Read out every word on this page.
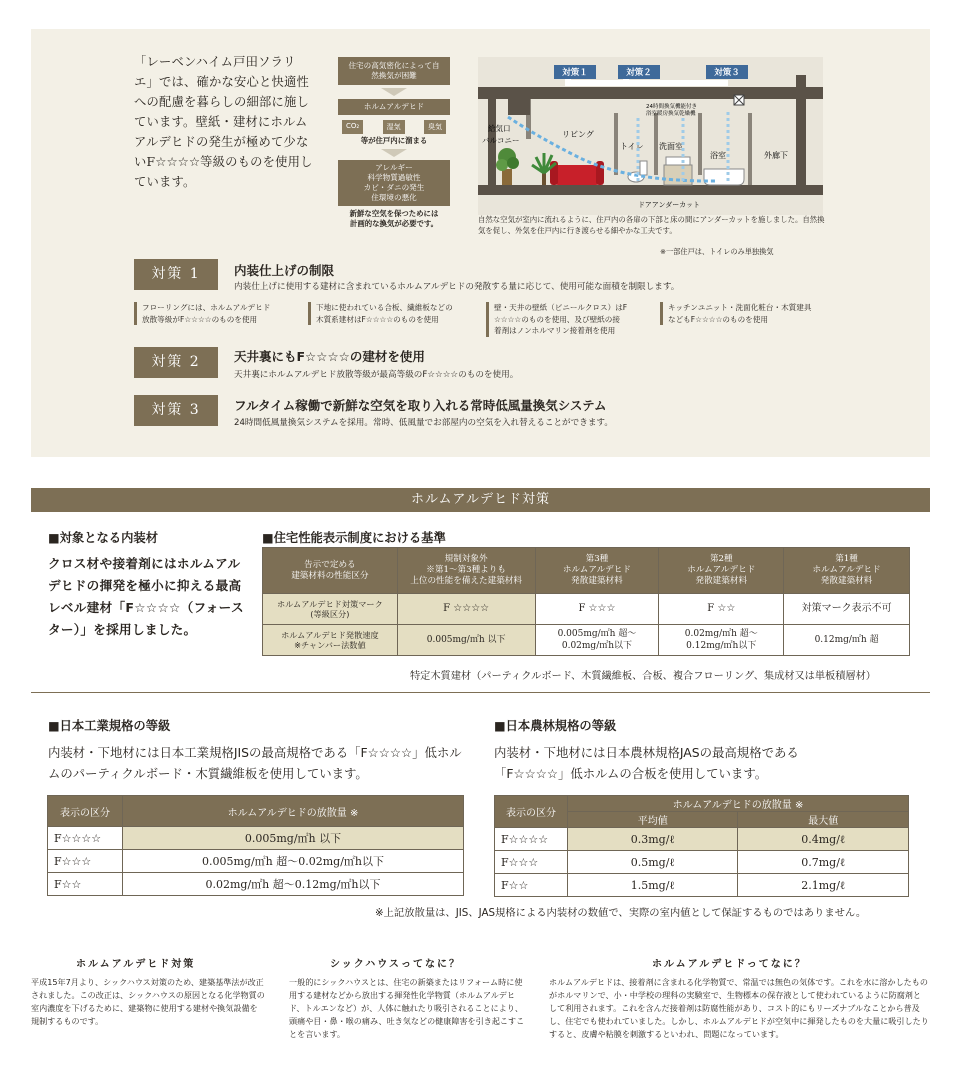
「レーベンハイム戸田ソラリエ」では、確かな安心と快適性への配慮を暮らしの細部に施しています。壁紙・建材にホルムアルデヒドの発生が極めて少ないF☆☆☆☆等級のものを使用しています。

住宅の高気密化によって自然換気が困難
ホルムアルデヒド
CO₂	湿気	臭気
等が住戸内に溜まる
アレルギー
科学物質過敏性
カビ・ダニの発生
住環境の悪化
新鮮な空気を保つためには
計画的な換気が必要です。
対策１	対策２	対策３
24時間換気機能付き
浴室暖房換気乾燥機
給気口
バルコニー
リビング
トイレ 洗面室
浴室	外廊下
ドアアンダーカット

自然な空気が室内に流れるように、住戸内の各扉の下部と床の間にアンダーカットを施しました。自然換気を促し、外気を住戸内に行き渡らせる細やかな工夫です。

※一部住戸は、トイレのみ単独換気

対策 1	内装仕上げの制限
内装仕上げに使用する建材に含まれているホルムアルデヒドの発散する量に応じて、使用可能な面積を制限します。
フローリングには、ホルムアルデヒド
放散等級がF☆☆☆☆のものを使用
下地に使われている合板、繊維板などの
木質系建材はF☆☆☆☆のものを使用
壁・天井の壁紙（ビニールクロス）はF
☆☆☆☆のものを使用、及び壁紙の接
着剤はノンホルマリン接着剤を使用
キッチンユニット・洗面化粧台・木質建具
などもF☆☆☆☆のものを使用
対策 2	天井裏にもF☆☆☆☆の建材を使用
天井裏にホルムアルデヒド放散等級が最高等級のF☆☆☆☆のものを使用。
対策 3	フルタイム稼働で新鮮な空気を取り入れる常時低風量換気システム
24時間低風量換気システムを採用。常時、低風量でお部屋内の空気を入れ替えることができます。
ホルムアルデヒド対策
■対象となる内装材

クロス材や接着剤にはホルムアルデヒドの揮発を極小に抑える最高レベル建材「F☆☆☆☆（フォースター）」を採用しました。

■住宅性能表示制度における基準
告示で定める
建築材料の性能区分	規制対象外
※第1～第3種よりも
上位の性能を備えた建築材料	第3種
ホルムアルデヒド
発散建築材料	第2種
ホルムアルデヒド
発散建築材料	第1種
ホルムアルデヒド
発散建築材料
ホルムアルデヒド対策マーク
(等級区分)	F ☆☆☆☆	F ☆☆☆	F ☆☆	対策マーク表示不可
ホルムアルデヒド発散速度
※チャンバー法数値	0.005mg/㎡h 以下	0.005mg/㎡h 超～
0.02mg/㎡h以下	0.02mg/㎡h 超～
0.12mg/㎡h以下	0.12mg/㎡h 超

特定木質建材（パーティクルボード、木質繊維板、合板、複合フローリング、集成材又は単板積層材）

■日本工業規格の等級

内装材・下地材には日本工業規格JISの最高規格である「F☆☆☆☆」低ホルムのパーティクルボード・木質繊維板を使用しています。

表示の区分	ホルムアルデヒドの放散量 ※
F☆☆☆☆	0.005mg/㎡h 以下
F☆☆☆	0.005mg/㎡h 超～0.02mg/㎡h以下
F☆☆	0.02mg/㎡h 超～0.12mg/㎡h以下
■日本農林規格の等級

内装材・下地材には日本農林規格JASの最高規格である「F☆☆☆☆」低ホルムの合板を使用しています。

表示の区分	ホルムアルデヒドの放散量 ※	
	平均値	最大値
F☆☆☆☆	0.3mg/ℓ	0.4mg/ℓ
F☆☆☆	0.5mg/ℓ	0.7mg/ℓ
F☆☆	1.5mg/ℓ	2.1mg/ℓ

※上記放散量は、JIS、JAS規格による内装材の数値で、実際の室内値として保証するものではありません。

ホルムアルデヒド対策

平成15年7月より、シックハウス対策のため、建築基準法が改正されました。この改正は、シックハウスの原因となる化学物質の室内濃度を下げるために、建築物に使用する建材や換気設備を規制するものです。

シックハウスってなに？

一般的にシックハウスとは、住宅の新築またはリフォーム時に使用する建材などから放出する揮発性化学物質（ホルムアルデヒド、トルエンなど）が、人体に触れたり吸引されることにより、頭痛や目・鼻・喉の痛み、吐き気などの健康障害を引き起こすことを言います。

ホルムアルデヒドってなに？

ホルムアルデヒドは、接着剤に含まれる化学物質で、常温では無色の気体です。これを水に溶かしたものがホルマリンで、小・中学校の理科の実験室で、生物標本の保存液として使われているように防腐剤として利用されます。これを含んだ接着剤は防腐性能があり、コスト的にもリーズナブルなことから普及し、住宅でも使われていました。しかし、ホルムアルデヒドが空気中に揮発したものを大量に吸引したりすると、皮膚や粘膜を刺激するといわれ、問題になっています。
